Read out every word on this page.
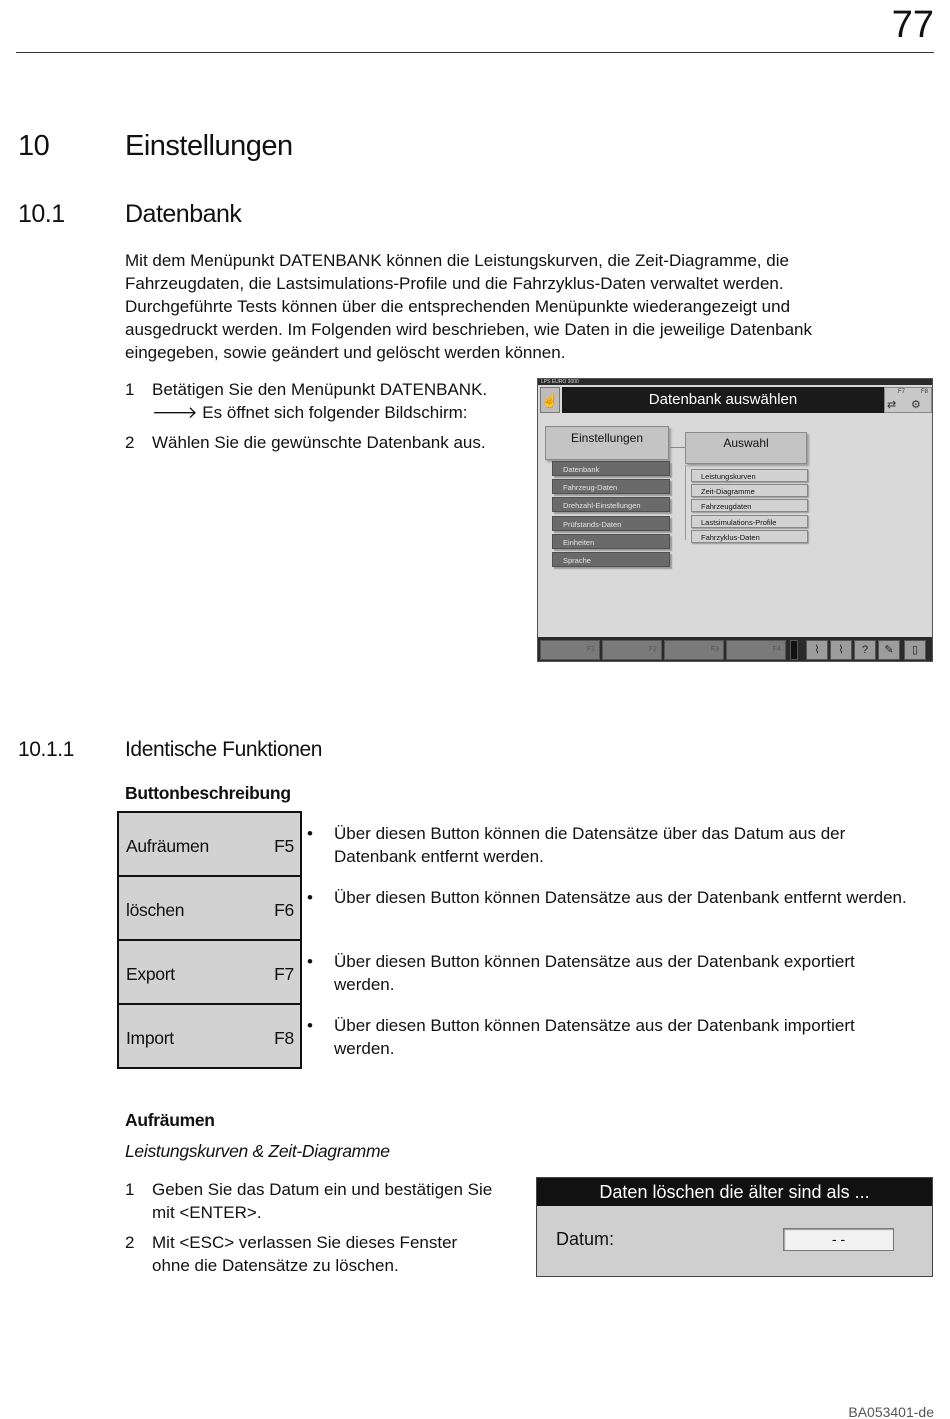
77
10	Einstellungen
10.1 Datenbank
Mit dem Menüpunkt DATENBANK können die Leistungskurven, die Zeit-Diagramme, die
Fahrzeugdaten, die Lastsimulations-Profile und die Fahrzyklus-Daten verwaltet werden.
Durchgeführte Tests können über die entsprechenden Menüpunkte wiederangezeigt und
ausgedruckt werden. Im Folgenden wird beschrieben, wie Daten in die jeweilige Datenbank
eingegeben, sowie geändert und gelöscht werden können.
1 Betätigen Sie den Menüpunkt DATENBANK.
🡒 Es öffnet sich folgender Bildschirm:
2 Wählen Sie die gewünschte Datenbank aus.
LPS EURO 3000
☝	Datenbank auswählen	F7	F8
⇄ ⚙
Einstellungen	Auswahl
Datenbank
Fahrzeug-Daten
Drehzahl-Einstellungen
Prüfstands-Daten
Einheiten
Sprache
Leistungskurven
Zeit-Diagramme
Fahrzeugdaten
Lastsimulations-Profile
Fahrzyklus-Daten
F1	F2	F3	F4	⌇	⌇	?	✎	▯
10.1.1 Identische Funktionen
Buttonbeschreibung
Aufräumen	F5
löschen	F6
Export	F7
Import	F8
• Über diesen Button können die Datensätze über das Datum aus der Datenbank entfernt werden.
• Über diesen Button können Datensätze aus der Datenbank entfernt werden.
• Über diesen Button können Datensätze aus der Datenbank exportiert werden.
• Über diesen Button können Datensätze aus der Datenbank importiert werden.
Aufräumen
Leistungskurven & Zeit-Diagramme
1 Geben Sie das Datum ein und bestätigen Sie
mit <ENTER>.
2 Mit <ESC> verlassen Sie dieses Fenster
ohne die Datensätze zu löschen.
Daten löschen die älter sind als ...
Datum:	- -
BA053401-de
